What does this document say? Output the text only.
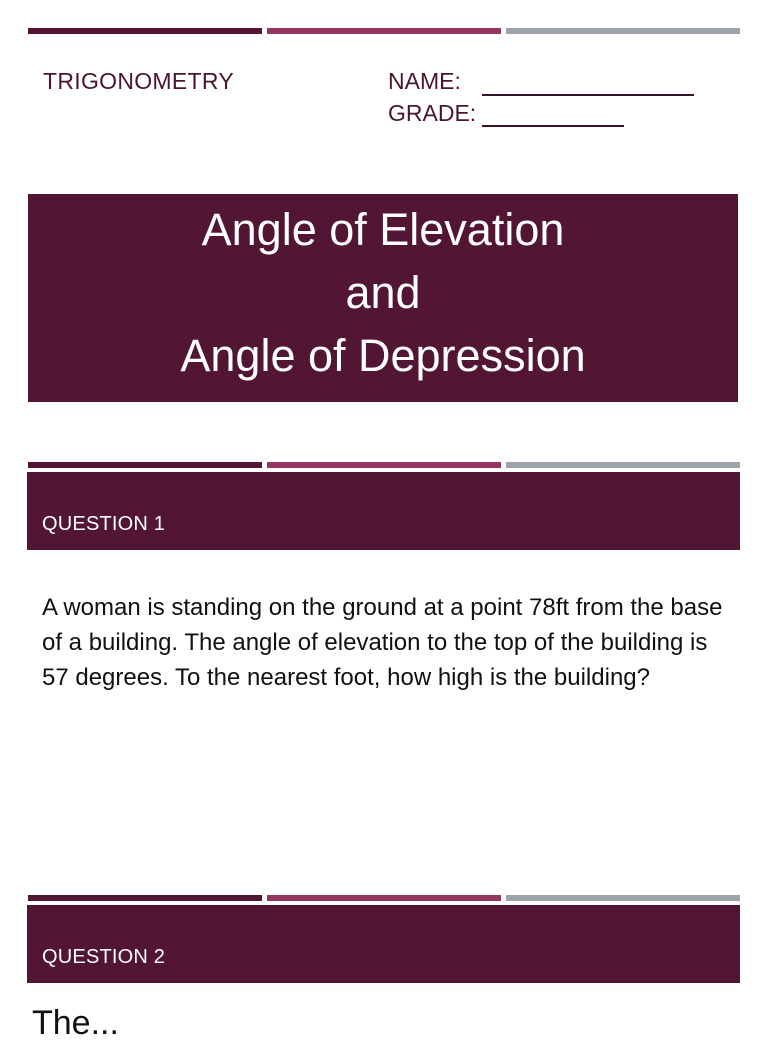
TRIGONOMETRY	NAME:
GRADE:
Angle of Elevation
and
Angle of Depression
QUESTION 1
A woman is standing on the ground at a point 78ft from the base of a building. The angle of elevation to the top of the building is 57 degrees. To the nearest foot, how high is the building?
QUESTION 2
The...
